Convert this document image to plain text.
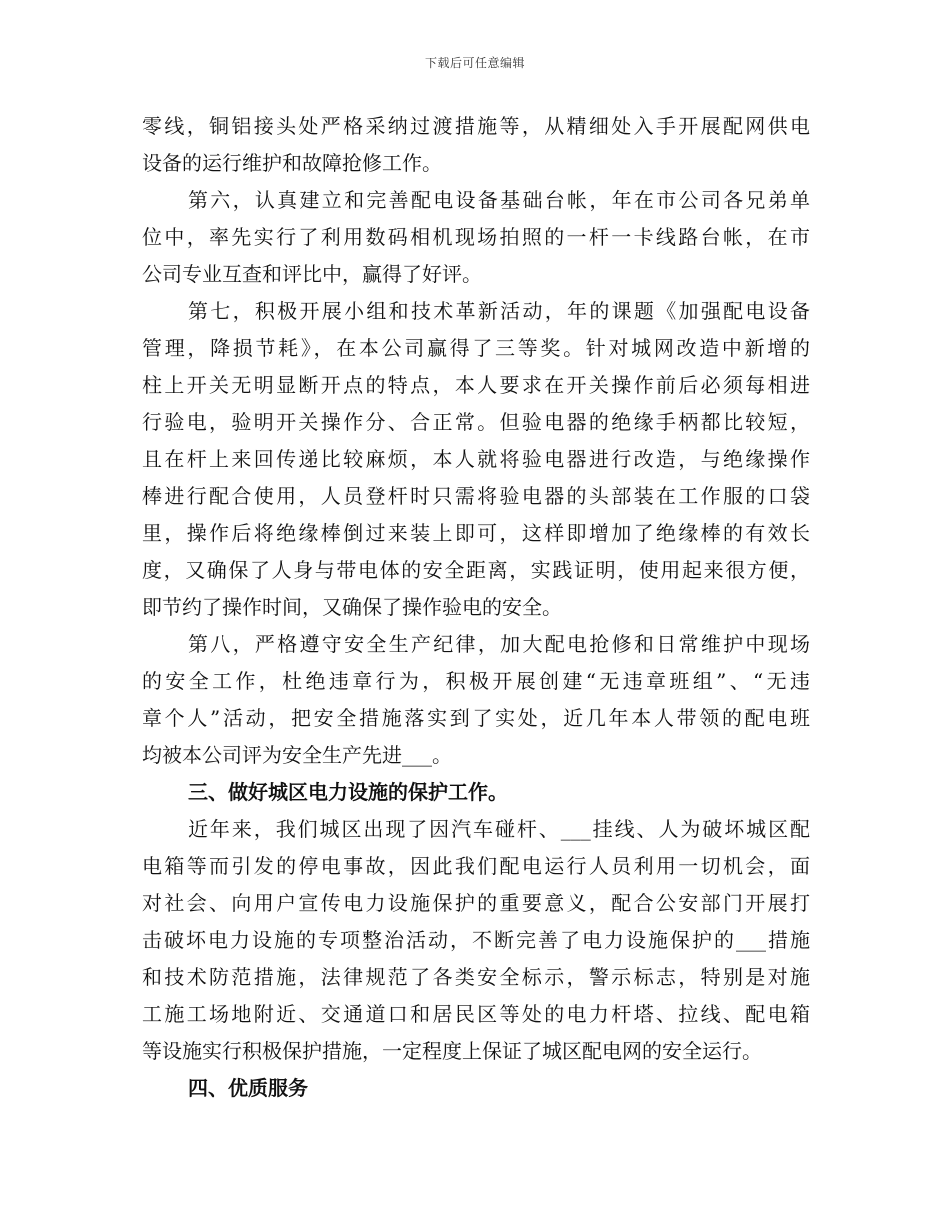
下载后可任意编辑
零线，铜铝接头处严格采纳过渡措施等，从精细处入手开展配网供电
设备的运行维护和故障抢修工作。
第六，认真建立和完善配电设备基础台帐，年在市公司各兄弟单
位中，率先实行了利用数码相机现场拍照的一杆一卡线路台帐，在市
公司专业互查和评比中，赢得了好评。
第七，积极开展小组和技术革新活动，年的课题《加强配电设备
管理，降损节耗》，在本公司赢得了三等奖。针对城网改造中新增的
柱上开关无明显断开点的特点，本人要求在开关操作前后必须每相进
行验电，验明开关操作分、合正常。但验电器的绝缘手柄都比较短，
且在杆上来回传递比较麻烦，本人就将验电器进行改造，与绝缘操作
棒进行配合使用，人员登杆时只需将验电器的头部装在工作服的口袋
里，操作后将绝缘棒倒过来装上即可，这样即增加了绝缘棒的有效长
度，又确保了人身与带电体的安全距离，实践证明，使用起来很方便，
即节约了操作时间，又确保了操作验电的安全。
第八，严格遵守安全生产纪律，加大配电抢修和日常维护中现场
的安全工作，杜绝违章行为，积极开展创建“无违章班组”、“无违
章个人”活动，把安全措施落实到了实处，近几年本人带领的配电班
均被本公司评为安全生产先进___。
三、做好城区电力设施的保护工作。
近年来，我们城区出现了因汽车碰杆、___挂线、人为破坏城区配
电箱等而引发的停电事故，因此我们配电运行人员利用一切机会，面
对社会、向用户宣传电力设施保护的重要意义，配合公安部门开展打
击破坏电力设施的专项整治活动，不断完善了电力设施保护的___措施
和技术防范措施，法律规范了各类安全标示，警示标志，特别是对施
工施工场地附近、交通道口和居民区等处的电力杆塔、拉线、配电箱
等设施实行积极保护措施，一定程度上保证了城区配电网的安全运行。
四、优质服务
